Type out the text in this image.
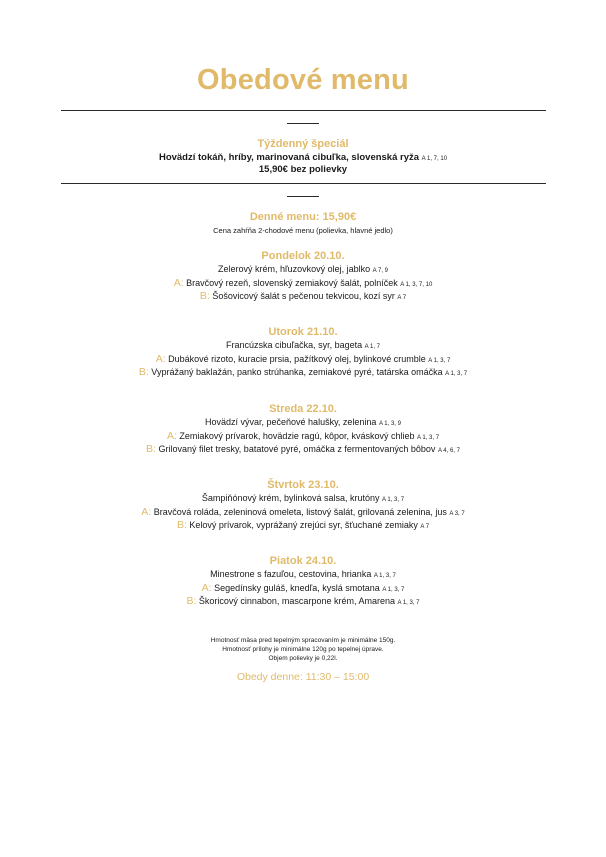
Obedové menu
Týždenný špeciál
Hovädzí tokáň, hríby, marinovaná cibuľka, slovenská ryža A 1, 7, 10
15,90€ bez polievky
Denné menu: 15,90€
Cena zahŕňa 2-chodové menu (polievka, hlavné jedlo)
Pondelok 20.10.
Zelerový krém, hľuzovkový olej, jablko A 7, 9
A: Bravčový rezeň, slovenský zemiakový šalát, polníček A 1, 3, 7, 10
B: Šošovicový šalát s pečenou tekvicou, kozí syr A 7
Utorok 21.10.
Francúzska cibuľačka, syr, bageta A 1, 7
A: Dubákové rizoto, kuracie prsia, pažítkový olej, bylinkové crumble A 1, 3, 7
B: Vyprážaný baklažán, panko strúhanka, zemiakové pyré, tatárska omáčka A 1, 3, 7
Streda 22.10.
Hovädzí vývar, pečeňové halušky, zelenina A 1, 3, 9
A: Zemiakový prívarok, hovädzie ragú, kôpor, kváskový chlieb A 1, 3, 7
B: Grilovaný filet tresky, batatové pyré, omáčka z fermentovaných bôbov A 4, 6, 7
Štvrtok 23.10.
Šampiňónový krém, bylinková salsa, krutóny A 1, 3, 7
A: Bravčová roláda, zeleninová omeleta, listový šalát, grilovaná zelenina, jus A 3, 7
B: Kelový prívarok, vyprážaný zrejúci syr, šťuchané zemiaky A 7
Piatok 24.10.
Minestrone s fazuľou, cestovina, hrianka A 1, 3, 7
A: Segedínsky guláš, knedľa, kyslá smotana A 1, 3, 7
B: Škoricový cinnabon, mascarpone krém, Amarena A 1, 3, 7
Hmotnosť mäsa pred tepelným spracovaním je minimálne 150g.
Hmotnosť prílohy je minimálne 120g po tepelnej úprave.
Objem polievky je 0,22l.
Obedy denne: 11:30 – 15:00
